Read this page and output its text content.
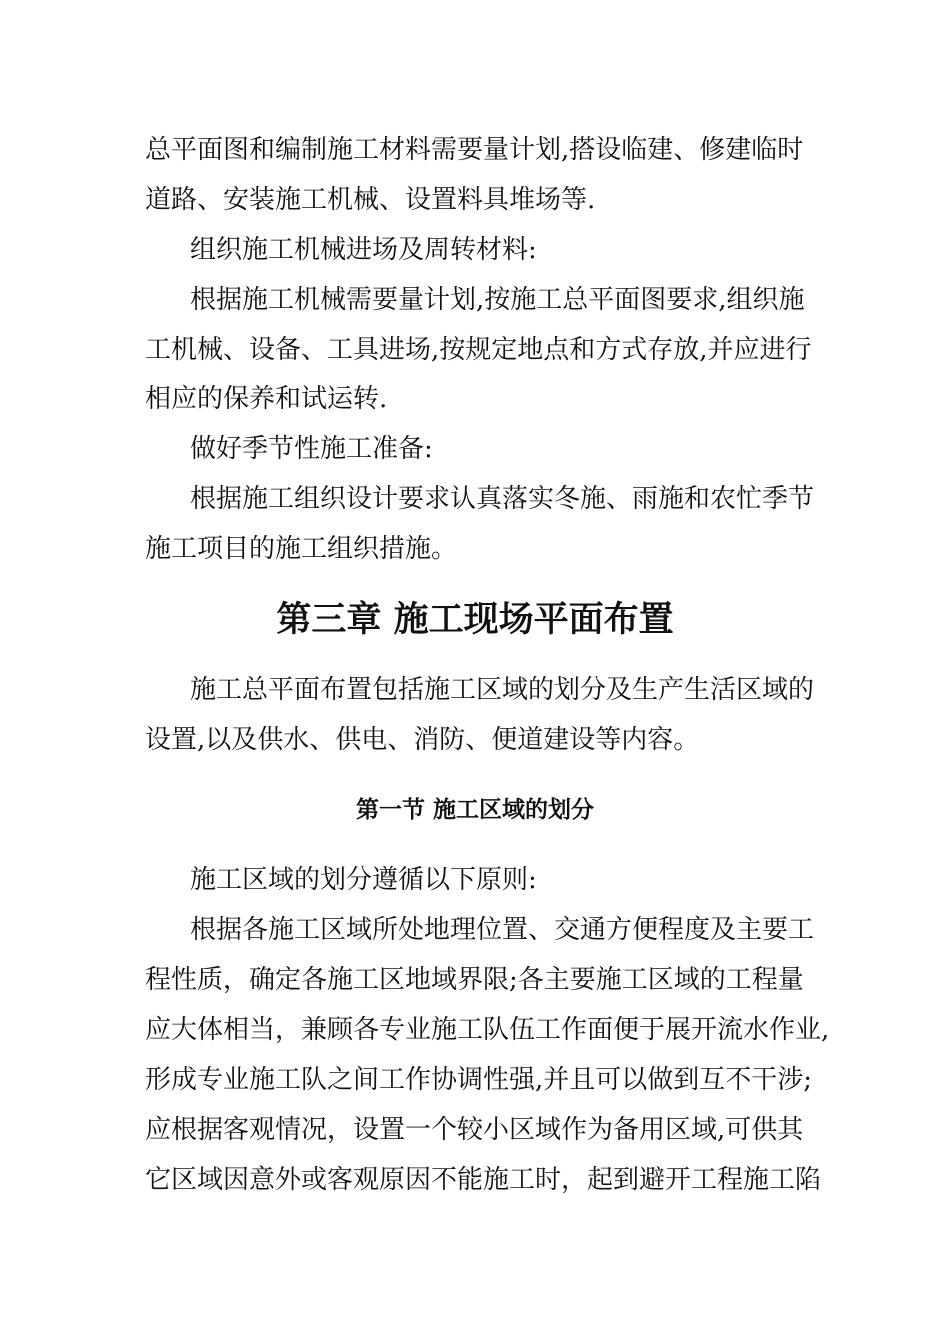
总平面图和编制施工材料需要量计划,搭设临建、修建临时
道路、安装施工机械、设置料具堆场等.
组织施工机械进场及周转材料:
根据施工机械需要量计划,按施工总平面图要求,组织施
工机械、设备、工具进场,按规定地点和方式存放,并应进行
相应的保养和试运转.
做好季节性施工准备:
根据施工组织设计要求认真落实冬施、雨施和农忙季节
施工项目的施工组织措施。
第三章 施工现场平面布置
施工总平面布置包括施工区域的划分及生产生活区域的
设置,以及供水、供电、消防、便道建设等内容。
第一节 施工区域的划分
施工区域的划分遵循以下原则:
根据各施工区域所处地理位置、交通方便程度及主要工
程性质，确定各施工区地域界限;各主要施工区域的工程量
应大体相当，兼顾各专业施工队伍工作面便于展开流水作业,
形成专业施工队之间工作协调性强,并且可以做到互不干涉;
应根据客观情况，设置一个较小区域作为备用区域,可供其
它区域因意外或客观原因不能施工时，起到避开工程施工陷
